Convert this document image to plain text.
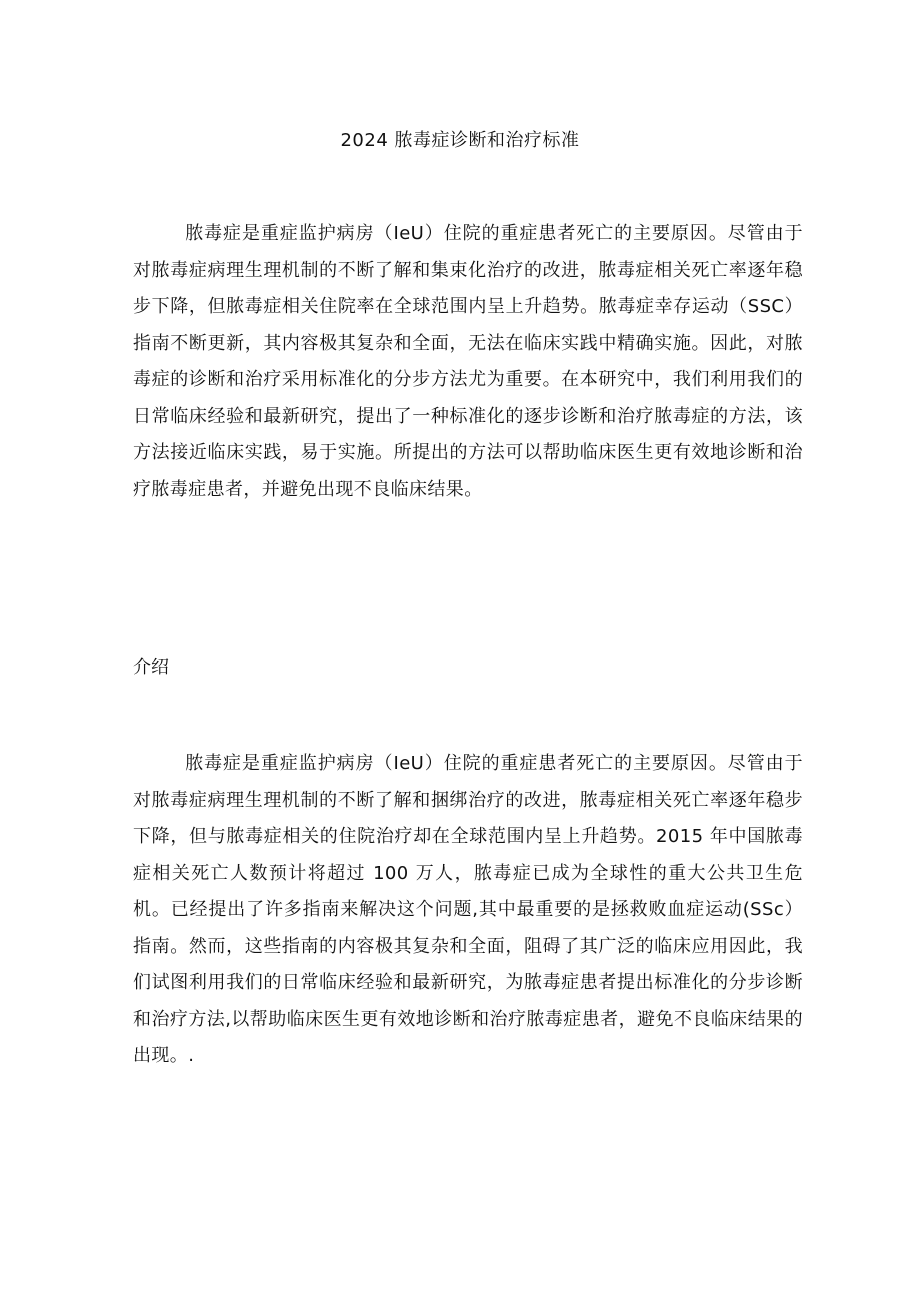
2024 脓毒症诊断和治疗标准

脓毒症是重症监护病房（IeU）住院的重症患者死亡的主要原因。尽管由于对脓毒症病理生理机制的不断了解和集束化治疗的改进，脓毒症相关死亡率逐年稳步下降，但脓毒症相关住院率在全球范围内呈上升趋势。脓毒症幸存运动（SSC）指南不断更新，其内容极其复杂和全面，无法在临床实践中精确实施。因此，对脓毒症的诊断和治疗采用标准化的分步方法尤为重要。在本研究中，我们利用我们的日常临床经验和最新研究，提出了一种标准化的逐步诊断和治疗脓毒症的方法，该方法接近临床实践，易于实施。所提出的方法可以帮助临床医生更有效地诊断和治疗脓毒症患者，并避免出现不良临床结果。

介绍

脓毒症是重症监护病房（IeU）住院的重症患者死亡的主要原因。尽管由于对脓毒症病理生理机制的不断了解和捆绑治疗的改进，脓毒症相关死亡率逐年稳步下降，但与脓毒症相关的住院治疗却在全球范围内呈上升趋势。2015 年中国脓毒症相关死亡人数预计将超过 100 万人，脓毒症已成为全球性的重大公共卫生危机。已经提出了许多指南来解决这个问题,其中最重要的是拯救败血症运动(SSc）指南。然而，这些指南的内容极其复杂和全面，阻碍了其广泛的临床应用因此，我们试图利用我们的日常临床经验和最新研究，为脓毒症患者提出标准化的分步诊断和治疗方法,以帮助临床医生更有效地诊断和治疗脓毒症患者，避免不良临床结果的出现。.
